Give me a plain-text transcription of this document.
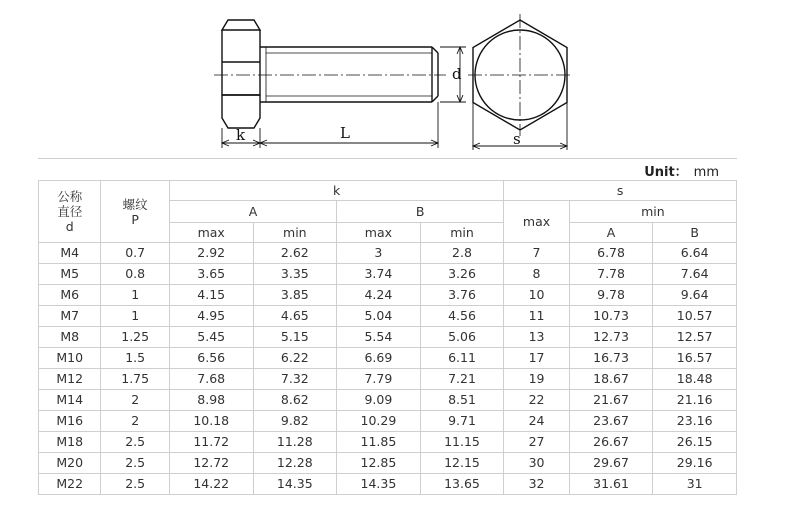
k	L
d
s
Unit： mm
公称
直径
d	螺纹
P	k				s		
		A		B		max	min	
		max	min	max	min		A	B
M4	0.7	2.92	2.62	3	2.8	7	6.78	6.64
M5	0.8	3.65	3.35	3.74	3.26	8	7.78	7.64
M6	1	4.15	3.85	4.24	3.76	10	9.78	9.64
M7	1	4.95	4.65	5.04	4.56	11	10.73	10.57
M8	1.25	5.45	5.15	5.54	5.06	13	12.73	12.57
M10	1.5	6.56	6.22	6.69	6.11	17	16.73	16.57
M12	1.75	7.68	7.32	7.79	7.21	19	18.67	18.48
M14	2	8.98	8.62	9.09	8.51	22	21.67	21.16
M16	2	10.18	9.82	10.29	9.71	24	23.67	23.16
M18	2.5	11.72	11.28	11.85	11.15	27	26.67	26.15
M20	2.5	12.72	12.28	12.85	12.15	30	29.67	29.16
M22	2.5	14.22	14.35	14.35	13.65	32	31.61	31
